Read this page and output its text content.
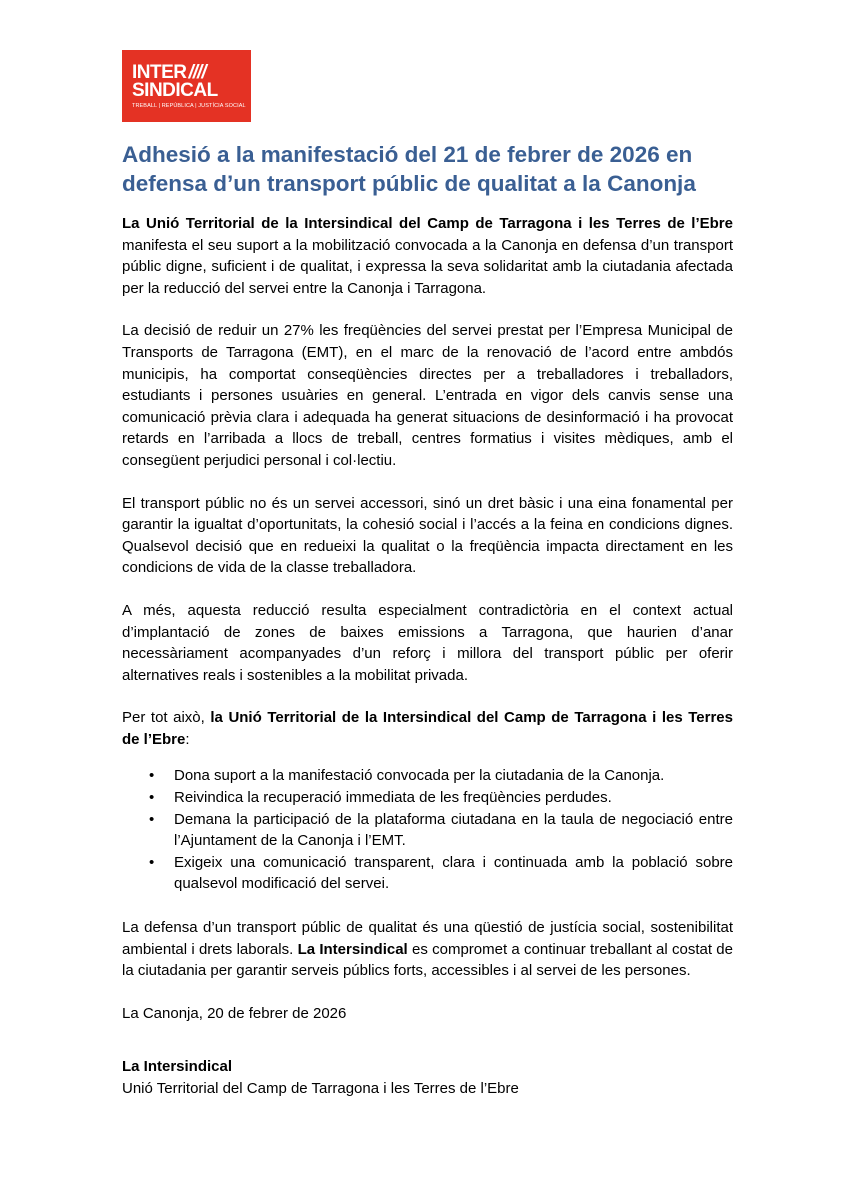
INTER ////
SINDICAL
TREBALL | REPÚBLICA | JUSTÍCIA SOCIAL
Adhesió a la manifestació del 21 de febrer de 2026 en defensa d’un transport públic de qualitat a la Canonja

La Unió Territorial de la Intersindical del Camp de Tarragona i les Terres de l’Ebre manifesta el seu suport a la mobilització convocada a la Canonja en defensa d’un transport públic digne, suficient i de qualitat, i expressa la seva solidaritat amb la ciutadania afectada per la reducció del servei entre la Canonja i Tarragona.

La decisió de reduir un 27% les freqüències del servei prestat per l’Empresa Municipal de Transports de Tarragona (EMT), en el marc de la renovació de l’acord entre ambdós municipis, ha comportat conseqüències directes per a treballadores i treballadors, estudiants i persones usuàries en general. L’entrada en vigor dels canvis sense una comunicació prèvia clara i adequada ha generat situacions de desinformació i ha provocat retards en l’arribada a llocs de treball, centres formatius i visites mèdiques, amb el consegüent perjudici personal i col·lectiu.

El transport públic no és un servei accessori, sinó un dret bàsic i una eina fonamental per garantir la igualtat d’oportunitats, la cohesió social i l’accés a la feina en condicions dignes. Qualsevol decisió que en redueixi la qualitat o la freqüència impacta directament en les condicions de vida de la classe treballadora.

A més, aquesta reducció resulta especialment contradictòria en el context actual d’implantació de zones de baixes emissions a Tarragona, que haurien d’anar necessàriament acompanyades d’un reforç i millora del transport públic per oferir alternatives reals i sostenibles a la mobilitat privada.

Per tot això, la Unió Territorial de la Intersindical del Camp de Tarragona i les Terres de l’Ebre:

• Dona suport a la manifestació convocada per la ciutadania de la Canonja.
• Reivindica la recuperació immediata de les freqüències perdudes.
• Demana la participació de la plataforma ciutadana en la taula de negociació entre l’Ajuntament de la Canonja i l’EMT.
• Exigeix una comunicació transparent, clara i continuada amb la població sobre qualsevol modificació del servei.

La defensa d’un transport públic de qualitat és una qüestió de justícia social, sostenibilitat ambiental i drets laborals. La Intersindical es compromet a continuar treballant al costat de la ciutadania per garantir serveis públics forts, accessibles i al servei de les persones.

La Canonja, 20 de febrer de 2026
La Intersindical
Unió Territorial del Camp de Tarragona i les Terres de l’Ebre
